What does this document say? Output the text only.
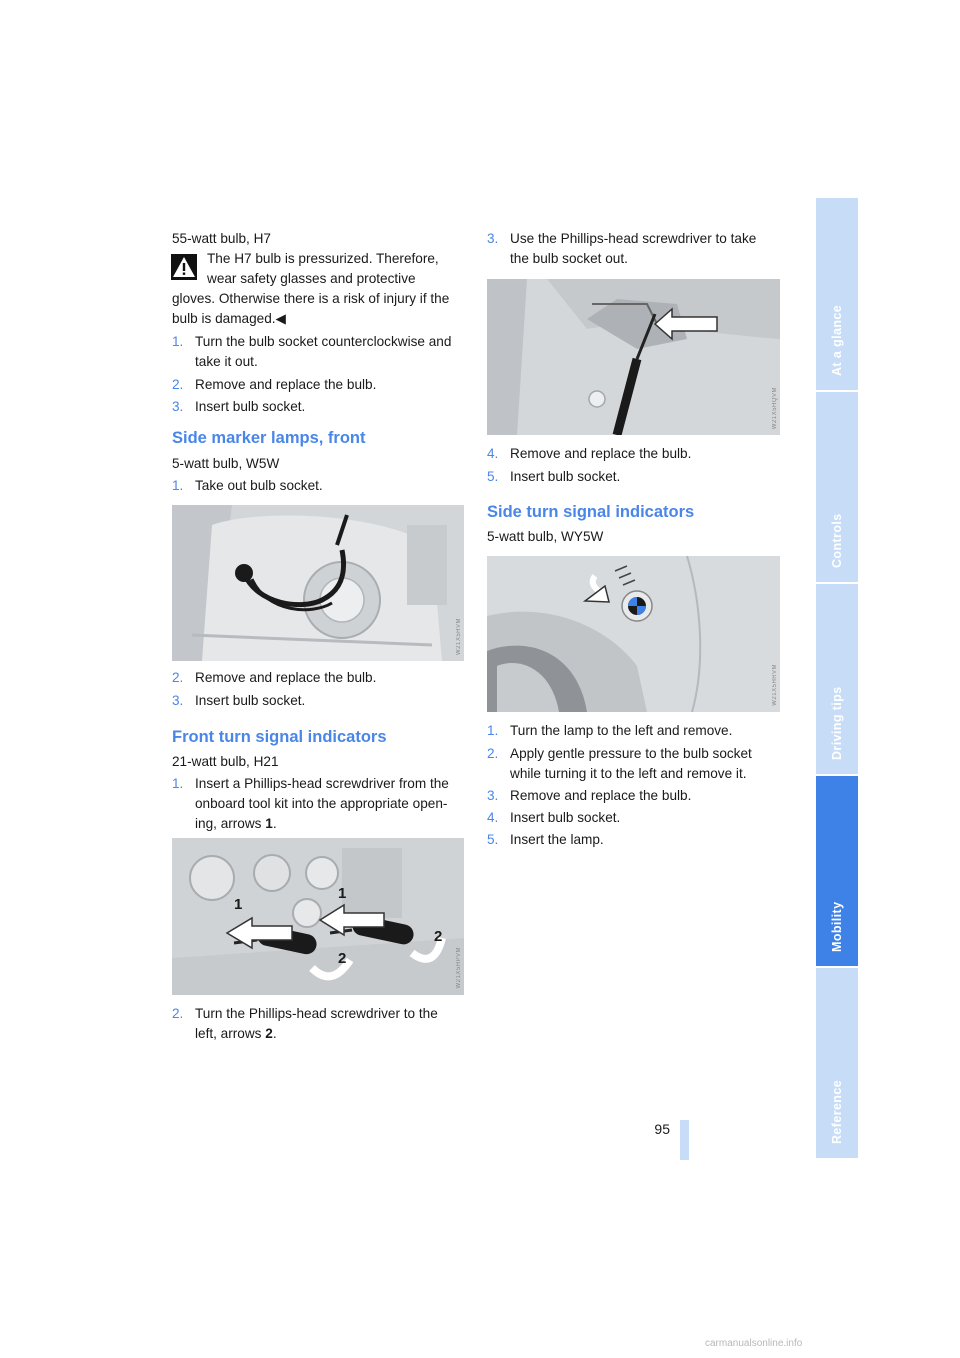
55-watt bulb, H7

The H7 bulb is pressurized. Therefore,

wear safety glasses and protective

gloves. Otherwise there is a risk of injury if the

bulb is damaged.◀

1. Turn the bulb socket counterclockwise and

take it out.

2. Remove and replace the bulb.

3. Insert bulb socket.

Side marker lamps, front

5-watt bulb, W5W

1. Take out bulb socket.

W21X5HVM

2. Remove and replace the bulb.

3. Insert bulb socket.

Front turn signal indicators

21-watt bulb, H21

1. Insert a Phillips-head screwdriver from the

onboard tool kit into the appropriate open-

ing, arrows 1.

1
1
2
2
W21X5HPVM

2. Turn the Phillips-head screwdriver to the

left, arrows 2.

3. Use the Phillips-head screwdriver to take

the bulb socket out.

W21X5HQVM

4. Remove and replace the bulb.

5. Insert bulb socket.

Side turn signal indicators

5-watt bulb, WY5W

W21X5HRVM

1. Turn the lamp to the left and remove.

2. Apply gentle pressure to the bulb socket

while turning it to the left and remove it.

3. Remove and replace the bulb.

4. Insert bulb socket.

5. Insert the lamp.

At a glance
Controls
Driving tips
Mobility
Reference
95
carmanualsonline.info
